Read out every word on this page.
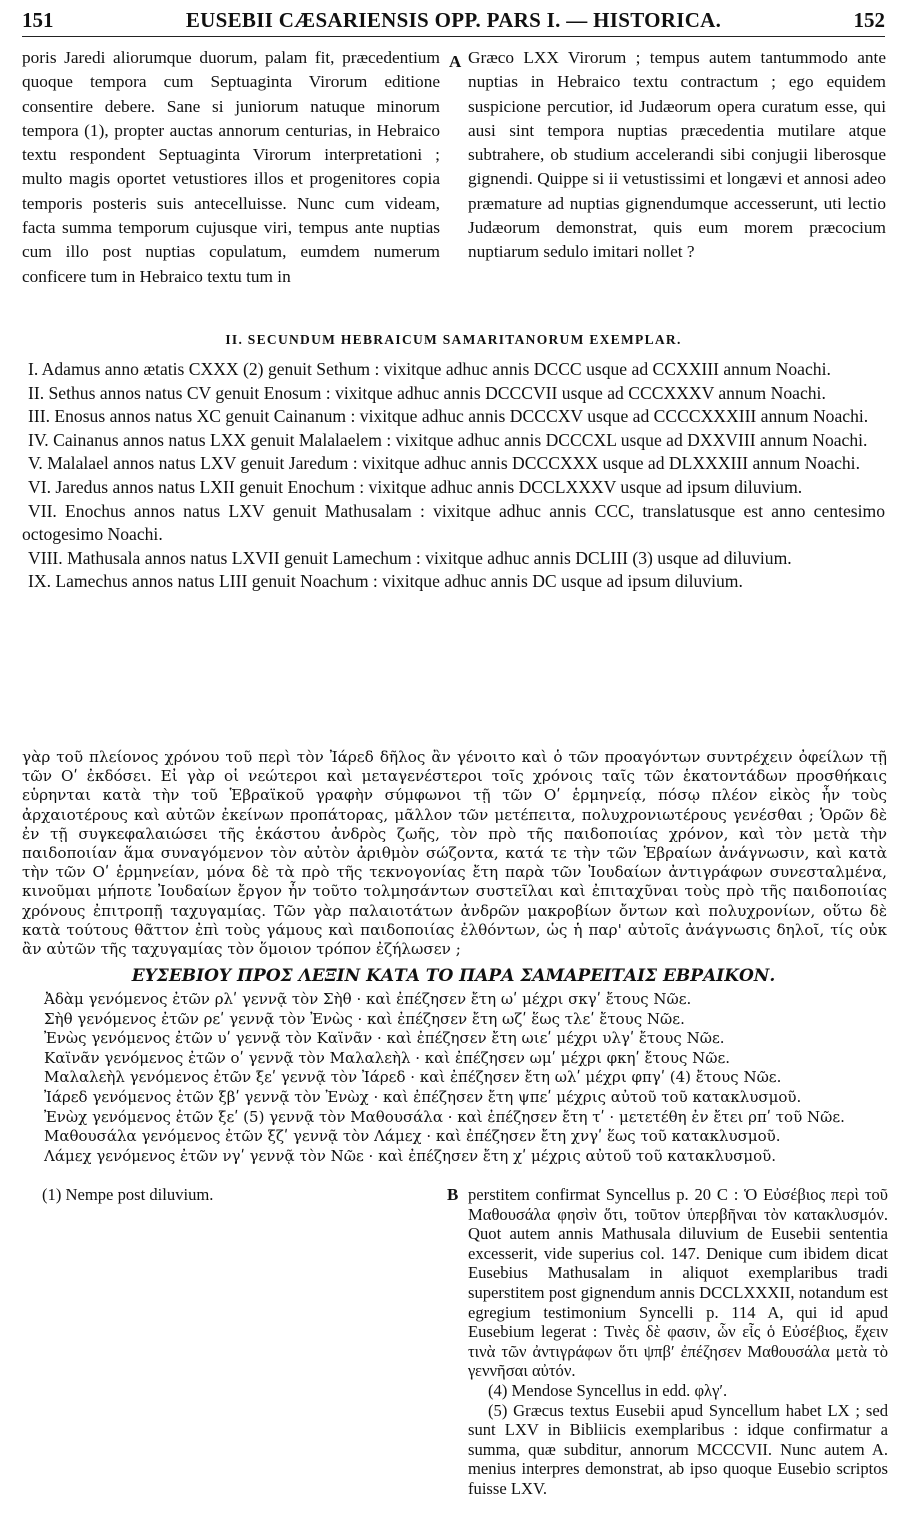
151	EUSEBII CÆSARIENSIS OPP. PARS I. — HISTORICA.	152
poris Jaredi aliorumque duorum, palam fit, præcedentium quoque tempora cum Septuaginta Virorum editione consentire debere. Sane si juniorum natuque minorum tempora (1), propter auctas annorum centurias, in Hebraico textu respondent Septuaginta Virorum interpretationi ; multo magis oportet vetustiores illos et progenitores copia temporis posteris suis antecelluisse. Nunc cum videam, facta summa temporum cujusque viri, tempus ante nuptias cum illo post nuptias copulatum, eumdem numerum conficere tum in Hebraico textu tum in
A Græco LXX Virorum ; tempus autem tantummodo ante nuptias in Hebraico textu contractum ; ego equidem suspicione percutior, id Judæorum opera curatum esse, qui ausi sint tempora nuptias præcedentia mutilare atque subtrahere, ob studium accelerandi sibi conjugii liberosque gignendi. Quippe si ii vetustissimi et longævi et annosi adeo præmature ad nuptias gignendumque accesserunt, uti lectio Judæorum demonstrat, quis eum morem præcocium nuptiarum sedulo imitari nollet ?
II. SECUNDUM HEBRAICUM SAMARITANORUM EXEMPLAR.
I. Adamus anno ætatis CXXX (2) genuit Sethum : vixitque adhuc annis DCCC usque ad CCXXIII annum Noachi.
II. Sethus annos natus CV genuit Enosum : vixitque adhuc annis DCCCVII usque ad CCCXXXV annum Noachi.
III. Enosus annos natus XC genuit Cainanum : vixitque adhuc annis DCCCXV usque ad CCCCXXXIII annum Noachi.
IV. Cainanus annos natus LXX genuit Malalaelem : vixitque adhuc annis DCCCXL usque ad DXXVIII annum Noachi.
V. Malalael annos natus LXV genuit Jaredum : vixitque adhuc annis DCCCXXX usque ad DLXXXIII annum Noachi.
VI. Jaredus annos natus LXII genuit Enochum : vixitque adhuc annis DCCLXXXV usque ad ipsum diluvium.
VII. Enochus annos natus LXV genuit Mathusalam : vixitque adhuc annis CCC, translatusque est anno centesimo octogesimo Noachi.
VIII. Mathusala annos natus LXVII genuit Lamechum : vixitque adhuc annis DCLIII (3) usque ad diluvium.
IX. Lamechus annos natus LIII genuit Noachum : vixitque adhuc annis DC usque ad ipsum diluvium.
γὰρ τοῦ πλείονος χρόνου τοῦ περὶ τὸν Ἰάρεδ δῆλος ἂν γένοιτο καὶ ὁ τῶν προαγόντων συντρέχειν ὀφείλων τῇ τῶν Οʹ ἐκδόσει. Εἰ γὰρ οἱ νεώτεροι καὶ μεταγενέστεροι τοῖς χρόνοις ταῖς τῶν ἑκατοντάδων προσθήκαις εὑρηνται κατὰ τὴν τοῦ Ἑβραϊκοῦ γραφὴν σύμφωνοι τῇ τῶν Οʹ ἑρμηνείᾳ, πόσῳ πλέον εἰκὸς ἦν τοὺς ἀρχαιοτέρους καὶ αὐτῶν ἐκείνων προπάτορας, μᾶλλον τῶν μετέπειτα, πολυχρονιωτέρους γενέσθαι ; Ὁρῶν δὲ ἐν τῇ συγκεφαλαιώσει τῆς ἑκάστου ἀνδρὸς ζωῆς, τὸν πρὸ τῆς παιδοποιίας χρόνον, καὶ τὸν μετὰ τὴν παιδοποιίαν ἅμα συναγόμενον τὸν αὐτὸν ἀριθμὸν σώζοντα, κατά τε τὴν τῶν Ἑβραίων ἀνάγνωσιν, καὶ κατὰ τὴν τῶν Οʹ ἑρμηνείαν, μόνα δὲ τὰ πρὸ τῆς τεκνογονίας ἔτη παρὰ τῶν Ἰουδαίων ἀντιγράφων συνεσταλμένα, κινοῦμαι μήποτε Ἰουδαίων ἔργον ἦν τοῦτο τολμησάντων συστεῖλαι καὶ ἐπιταχῦναι τοὺς πρὸ τῆς παιδοποιίας χρόνους ἐπιτροπῇ ταχυγαμίας. Τῶν γὰρ παλαιοτάτων ἀνδρῶν μακροβίων ὄντων καὶ πολυχρονίων, οὕτω δὲ κατὰ τούτους θᾶττον ἐπὶ τοὺς γάμους καὶ παιδοποιίας ἐλθόντων, ὡς ἡ παρ' αὐτοῖς ἀνάγνωσις δηλοῖ, τίς οὐκ ἂν αὐτῶν τῆς ταχυγαμίας τὸν ὅμοιον τρόπον ἐζήλωσεν ;
ΕΥΣΕΒΙΟΥ ΠΡΟΣ ΛΕΞΙΝ ΚΑΤΑ ΤΟ ΠΑΡΑ ΣΑΜΑΡΕΙΤΑΙΣ ΕΒΡΑΙΚΟΝ.
Ἀδὰμ γενόμενος ἐτῶν ρλʹ γεννᾷ τὸν Σὴθ · καὶ ἐπέζησεν ἔτη ωʹ μέχρι σκγʹ ἔτους Νῶε.
Σὴθ γενόμενος ἐτῶν ρεʹ γεννᾷ τὸν Ἐνὼς · καὶ ἐπέζησεν ἔτη ωζʹ ἕως τλεʹ ἔτους Νῶε.
Ἐνὼς γενόμενος ἐτῶν υʹ γεννᾷ τὸν Καϊνᾶν · καὶ ἐπέζησεν ἔτη ωιεʹ μέχρι υλγʹ ἔτους Νῶε.
Καϊνᾶν γενόμενος ἐτῶν οʹ γεννᾷ τὸν Μαλαλεὴλ · καὶ ἐπέζησεν ωμʹ μέχρι φκηʹ ἔτους Νῶε.
Μαλαλεὴλ γενόμενος ἐτῶν ξεʹ γεννᾷ τὸν Ἰάρεδ · καὶ ἐπέζησεν ἔτη ωλʹ μέχρι φπγʹ (4) ἔτους Νῶε.
Ἰάρεδ γενόμενος ἐτῶν ξβʹ γεννᾷ τὸν Ἐνὼχ · καὶ ἐπέζησεν ἔτη ψπεʹ μέχρις αὐτοῦ τοῦ κατακλυσμοῦ.
Ἐνὼχ γενόμενος ἐτῶν ξεʹ (5) γεννᾷ τὸν Μαθουσάλα · καὶ ἐπέζησεν ἔτη τʹ · μετετέθη ἐν ἔτει ρπʹ τοῦ Νῶε.
Μαθουσάλα γενόμενος ἐτῶν ξζʹ γεννᾷ τὸν Λάμεχ · καὶ ἐπέζησεν ἔτη χνγʹ ἕως τοῦ κατακλυσμοῦ.
Λάμεχ γενόμενος ἐτῶν νγʹ γεννᾷ τὸν Νῶε · καὶ ἐπέζησεν ἔτη χʹ μέχρις αὐτοῦ τοῦ κατακλυσμοῦ.

(1) Nempe post diluvium.	B perstitem confirmat Syncellus p. 20 C : Ὁ Εὐσέβιος περὶ τοῦ Μαθουσάλα φησὶν ὅτι, τοῦτον ὑπερβῆναι τὸν κατακλυσμόν. Quot autem annis Mathusala diluvium de Eusebii sententia excesserit, vide superius col. 147. Denique cum ibidem dicat Eusebius Mathusalam in aliquot exemplaribus tradi superstitem post gignendum annis DCCLXXXII, notandum est egregium testimonium Syncelli p. 114 A, qui id apud Eusebium legerat : Τινὲς δὲ φασιν, ὧν εἷς ὁ Εὐσέβιος, ἔχειν τινὰ τῶν ἀντιγράφων ὅτι ψπβʹ ἐπέζησεν Μαθουσάλα μετὰ τὸ γεννῆσαι αὐτόν.

(4) Mendose Syncellus in edd. φλγʹ.

(5) Græcus textus Eusebii apud Syncellum habet LX ; sed sunt LXV in Bibliicis exemplaribus : idque confirmatur a summa, quæ subditur, annorum MCCCVII. Nunc autem A. menius interpres demonstrat, ab ipso quoque Eusebio scriptos fuisse LXV.
